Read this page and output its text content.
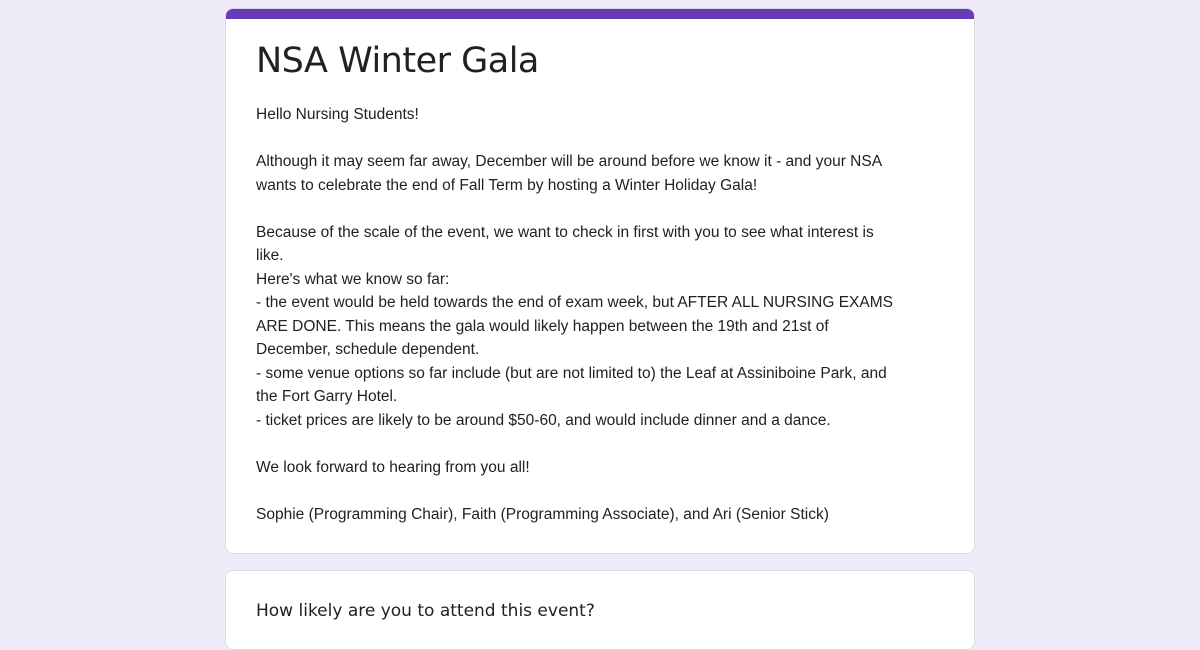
NSA Winter Gala
Hello Nursing Students!
Although it may seem far away, December will be around before we know it - and your NSA
wants to celebrate the end of Fall Term by hosting a Winter Holiday Gala!
Because of the scale of the event, we want to check in first with you to see what interest is
like.
Here's what we know so far:
- the event would be held towards the end of exam week, but AFTER ALL NURSING EXAMS
ARE DONE. This means the gala would likely happen between the 19th and 21st of
December, schedule dependent.
- some venue options so far include (but are not limited to) the Leaf at Assiniboine Park, and
the Fort Garry Hotel.
- ticket prices are likely to be around $50-60, and would include dinner and a dance.
We look forward to hearing from you all!
Sophie (Programming Chair), Faith (Programming Associate), and Ari (Senior Stick)
How likely are you to attend this event?
